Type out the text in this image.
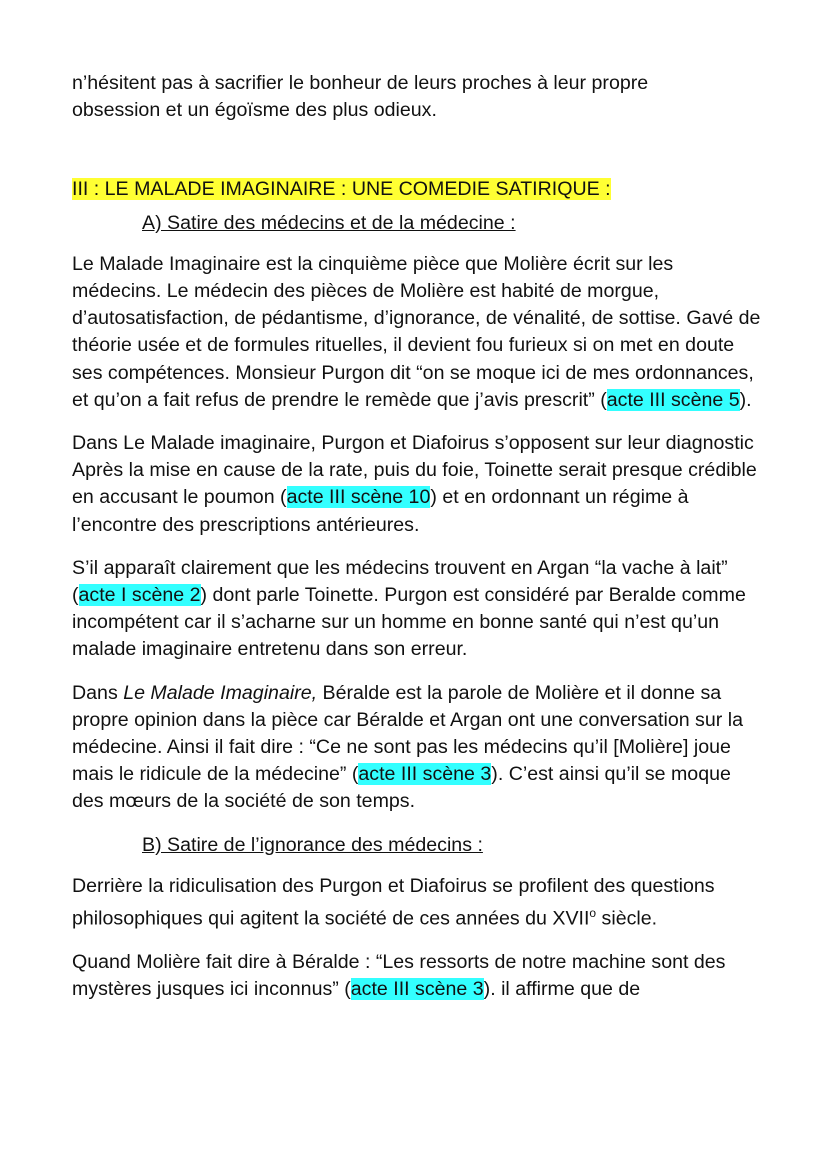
n’hésitent pas à sacrifier le bonheur de leurs proches à leur propre
obsession et un égoïsme des plus odieux.

III : LE MALADE IMAGINAIRE : UNE COMEDIE SATIRIQUE :

A) Satire des médecins et de la médecine :

Le Malade Imaginaire est la cinquième pièce que Molière écrit sur les médecins. Le médecin des pièces de Molière est habité de morgue, d’autosatisfaction, de pédantisme, d’ignorance, de vénalité, de sottise. Gavé de théorie usée et de formules rituelles, il devient fou furieux si on met en doute ses compétences. Monsieur Purgon dit “on se moque ici de mes ordonnances, et qu’on a fait refus de prendre le remède que j’avis prescrit” (acte III scène 5).

Dans Le Malade imaginaire, Purgon et Diafoirus s’opposent sur leur diagnostic Après la mise en cause de la rate, puis du foie, Toinette serait presque crédible en accusant le poumon (acte III scène 10) et en ordonnant un régime à l’encontre des prescriptions antérieures.

S’il apparaît clairement que les médecins trouvent en Argan “la vache à lait” (acte I scène 2) dont parle Toinette. Purgon est considéré par Beralde comme incompétent car il s’acharne sur un homme en bonne santé qui n’est qu’un malade imaginaire entretenu dans son erreur.

Dans Le Malade Imaginaire, Béralde est la parole de Molière et il donne sa propre opinion dans la pièce car Béralde et Argan ont une conversation sur la médecine. Ainsi il fait dire : “Ce ne sont pas les médecins qu’il [Molière] joue mais le ridicule de la médecine” (acte III scène 3). C’est ainsi qu’il se moque des mœurs de la société de son temps.

B) Satire de l’ignorance des médecins :

Derrière la ridiculisation des Purgon et Diafoirus se profilent des questions philosophiques qui agitent la société de ces années du XVII$^o$ siècle.

Quand Molière fait dire à Béralde : “Les ressorts de notre machine sont des mystères jusques ici inconnus” (acte III scène 3). il affirme que de
